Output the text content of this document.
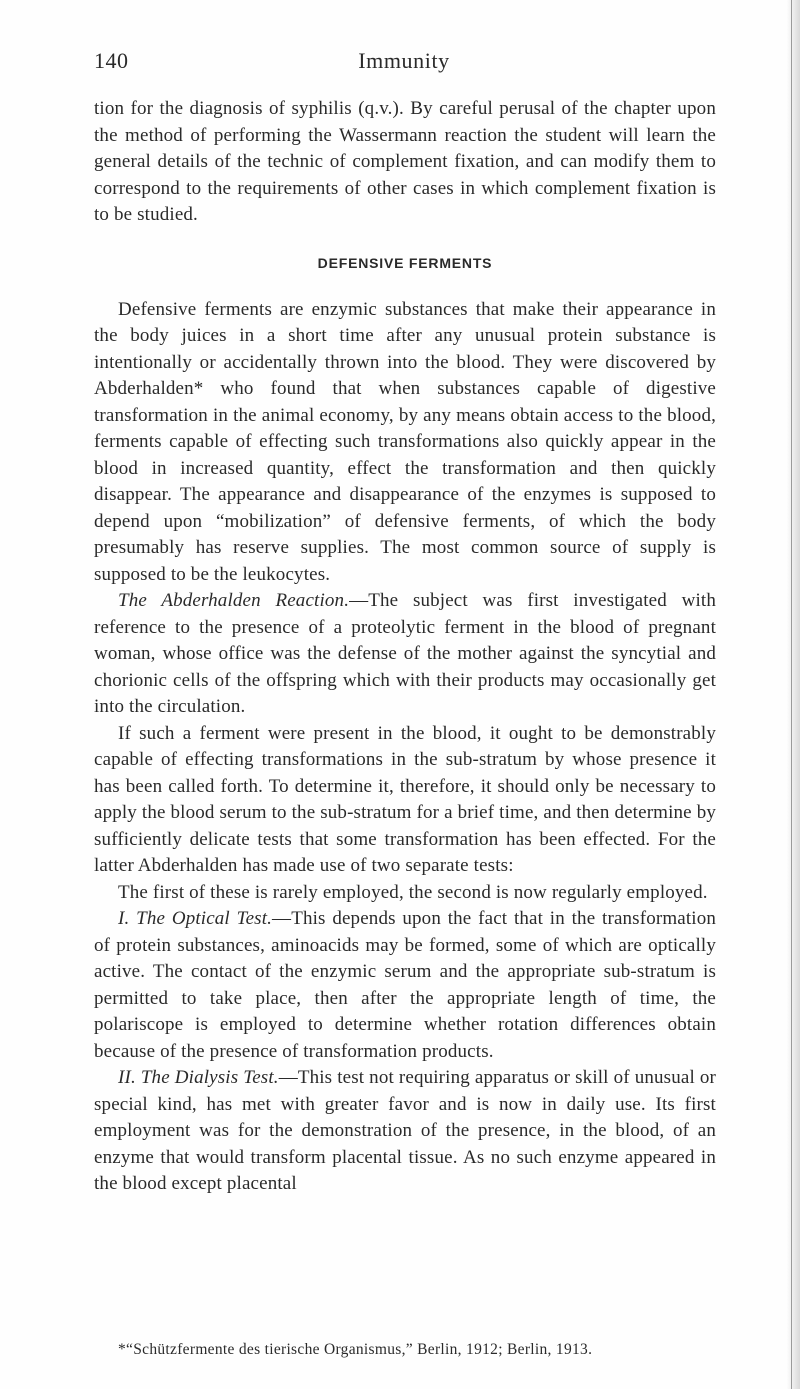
140	Immunity

tion for the diagnosis of syphilis (q.v.). By careful perusal of the chapter upon the method of performing the Wassermann reaction the student will learn the general details of the technic of complement fixation, and can modify them to correspond to the requirements of other cases in which complement fixation is to be studied.

DEFENSIVE FERMENTS

Defensive ferments are enzymic substances that make their appearance in the body juices in a short time after any unusual protein substance is intentionally or accidentally thrown into the blood. They were discovered by Abderhalden* who found that when substances capable of digestive transformation in the animal economy, by any means obtain access to the blood, ferments capable of effecting such transformations also quickly appear in the blood in increased quantity, effect the transformation and then quickly disappear. The appearance and disappearance of the enzymes is supposed to depend upon “mobilization” of defensive ferments, of which the body presumably has reserve supplies. The most common source of supply is supposed to be the leukocytes.

The Abderhalden Reaction.—The subject was first investigated with reference to the presence of a proteolytic ferment in the blood of pregnant woman, whose office was the defense of the mother against the syncytial and chorionic cells of the offspring which with their products may occasionally get into the circulation.

If such a ferment were present in the blood, it ought to be demonstrably capable of effecting transformations in the sub-stratum by whose presence it has been called forth. To determine it, therefore, it should only be necessary to apply the blood serum to the sub-stratum for a brief time, and then determine by sufficiently delicate tests that some transformation has been effected. For the latter Abderhalden has made use of two separate tests:

The first of these is rarely employed, the second is now regularly employed.

I. The Optical Test.—This depends upon the fact that in the transformation of protein substances, aminoacids may be formed, some of which are optically active. The contact of the enzymic serum and the appropriate sub-stratum is permitted to take place, then after the appropriate length of time, the polariscope is employed to determine whether rotation differences obtain because of the presence of transformation products.

II. The Dialysis Test.—This test not requiring apparatus or skill of unusual or special kind, has met with greater favor and is now in daily use. Its first employment was for the demonstration of the presence, in the blood, of an enzyme that would transform placental tissue. As no such enzyme appeared in the blood except placental

*“Schützfermente des tierische Organismus,” Berlin, 1912; Berlin, 1913.
